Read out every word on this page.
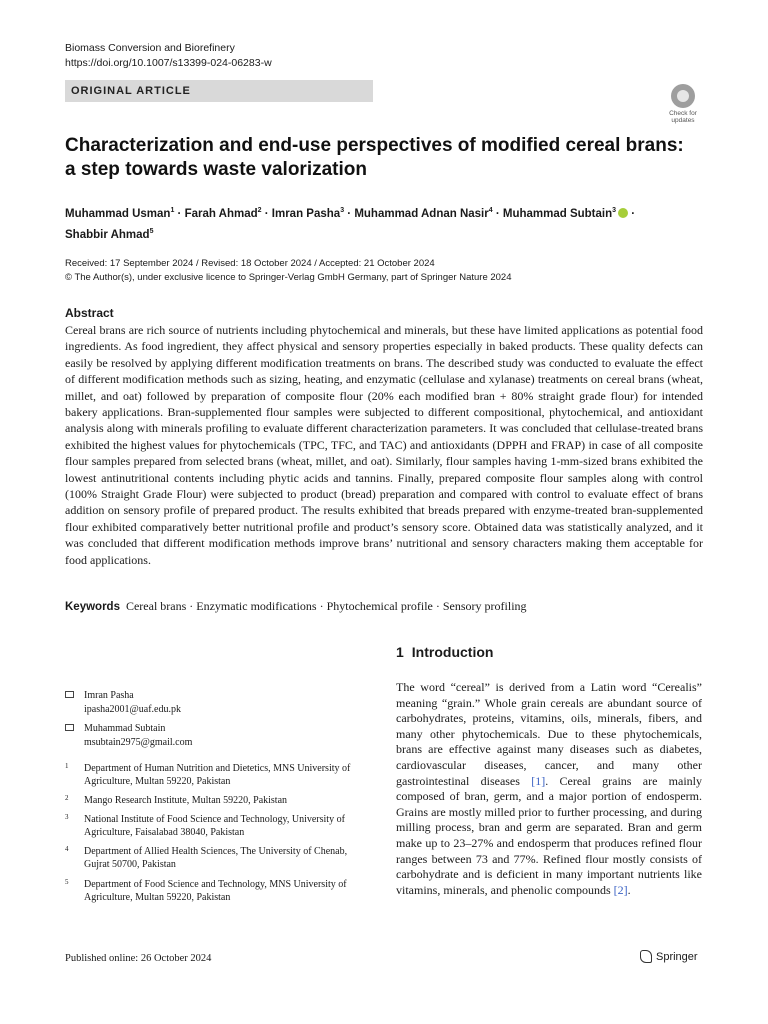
Biomass Conversion and Biorefinery
https://doi.org/10.1007/s13399-024-06283-w
ORIGINAL ARTICLE
Check for
updates
Characterization and end-use perspectives of modified cereal brans:
a step towards waste valorization
Muhammad Usman$^1$ · Farah Ahmad$^2$ · Imran Pasha$^3$ · Muhammad Adnan Nasir$^4$ · Muhammad Subtain$^3$ ·
Shabbir Ahmad$^5$
Received: 17 September 2024 / Revised: 18 October 2024 / Accepted: 21 October 2024
© The Author(s), under exclusive licence to Springer-Verlag GmbH Germany, part of Springer Nature 2024
Abstract
Cereal brans are rich source of nutrients including phytochemical and minerals, but these have limited applications as potential food ingredients. As food ingredient, they affect physical and sensory properties especially in baked products. These quality defects can easily be resolved by applying different modification treatments on brans. The described study was conducted to evaluate the effect of different modification methods such as sizing, heating, and enzymatic (cellulase and xylanase) treatments on cereal brans (wheat, millet, and oat) followed by preparation of composite flour (20% each modified bran + 80% straight grade flour) for intended bakery applications. Bran-supplemented flour samples were subjected to different compositional, phytochemical, and antioxidant analysis along with minerals profiling to evaluate different characterization parameters. It was concluded that cellulase-treated brans exhibited the highest values for phytochemicals (TPC, TFC, and TAC) and antioxidants (DPPH and FRAP) in case of all composite flour samples prepared from selected brans (wheat, millet, and oat). Similarly, flour samples having 1-mm-sized brans exhibited the lowest antinutritional contents including phytic acids and tannins. Finally, prepared composite flour samples along with control (100% Straight Grade Flour) were subjected to product (bread) preparation and compared with control to evaluate effect of brans addition on sensory profile of prepared product. The results exhibited that breads prepared with enzyme-treated bran-supplemented flour exhibited comparatively better nutritional profile and product’s sensory score. Obtained data was statistically analyzed, and it was concluded that different modification methods improve brans’ nutritional and sensory characters making them acceptable for food applications.
Keywords Cereal brans · Enzymatic modifications · Phytochemical profile · Sensory profiling
1 Introduction
The word “cereal” is derived from a Latin word “Cerealis” meaning “grain.” Whole grain cereals are abundant source of carbohydrates, proteins, vitamins, oils, minerals, fibers, and many other phytochemicals. Due to these phytochemicals, brans are effective against many diseases such as diabetes, cardiovascular diseases, cancer, and many other gastrointestinal diseases [1]. Cereal grains are mainly composed of bran, germ, and a major portion of endosperm. Grains are mostly milled prior to further processing, and during milling process, bran and germ are separated. Bran and germ make up to 23–27% and endosperm that produces refined flour ranges between 73 and 77%. Refined flour mostly consists of carbohydrate and is deficient in many important nutrients like vitamins, minerals, and phenolic compounds [2].
Imran Pasha
ipasha2001@uaf.edu.pk
Muhammad Subtain
msubtain2975@gmail.com
1 Department of Human Nutrition and Dietetics, MNS University of Agriculture, Multan 59220, Pakistan
2 Mango Research Institute, Multan 59220, Pakistan
3 National Institute of Food Science and Technology, University of Agriculture, Faisalabad 38040, Pakistan
4 Department of Allied Health Sciences, The University of Chenab, Gujrat 50700, Pakistan
5 Department of Food Science and Technology, MNS University of Agriculture, Multan 59220, Pakistan
Published online: 26 October 2024	Springer
